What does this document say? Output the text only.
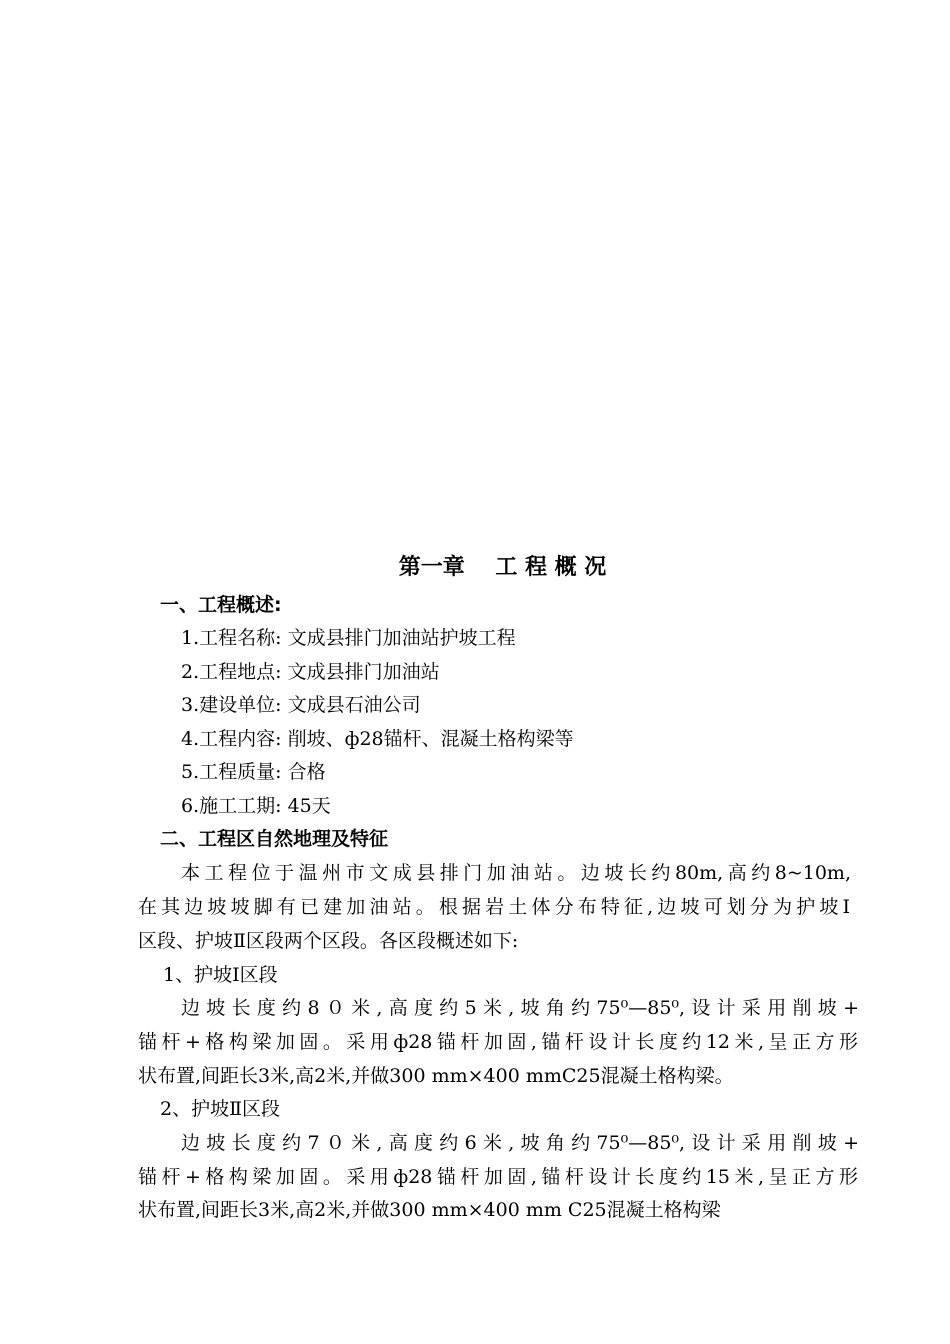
第一章    工 程 概 况
一、工程概述:
1.工程名称: 文成县排门加油站护坡工程
2.工程地点: 文成县排门加油站
3.建设单位: 文成县石油公司
4.工程内容: 削坡、ф28锚杆、混凝土格构梁等
5.工程质量: 合格
6.施工工期: 45天
二、工程区自然地理及特征
本工程位于温州市文成县排门加油站。边坡长约80m,高约8~10m,
在其边坡坡脚有已建加油站。根据岩土体分布特征,边坡可划分为护坡Ⅰ
区段、护坡Ⅱ区段两个区段。各区段概述如下:
1、护坡Ⅰ区段
边坡长度约8０米,高度约5米,坡角约75⁰—85⁰,设计采用削坡+
锚杆+格构梁加固。采用ф28锚杆加固,锚杆设计长度约12米,呈正方形
状布置,间距长3米,高2米,并做300 mm×400 mmC25混凝土格构梁。
2、护坡Ⅱ区段
边坡长度约7０米,高度约6米,坡角约75⁰—85⁰,设计采用削坡+
锚杆+格构梁加固。采用ф28锚杆加固,锚杆设计长度约15米,呈正方形
状布置,间距长3米,高2米,并做300 mm×400 mm C25混凝土格构梁
